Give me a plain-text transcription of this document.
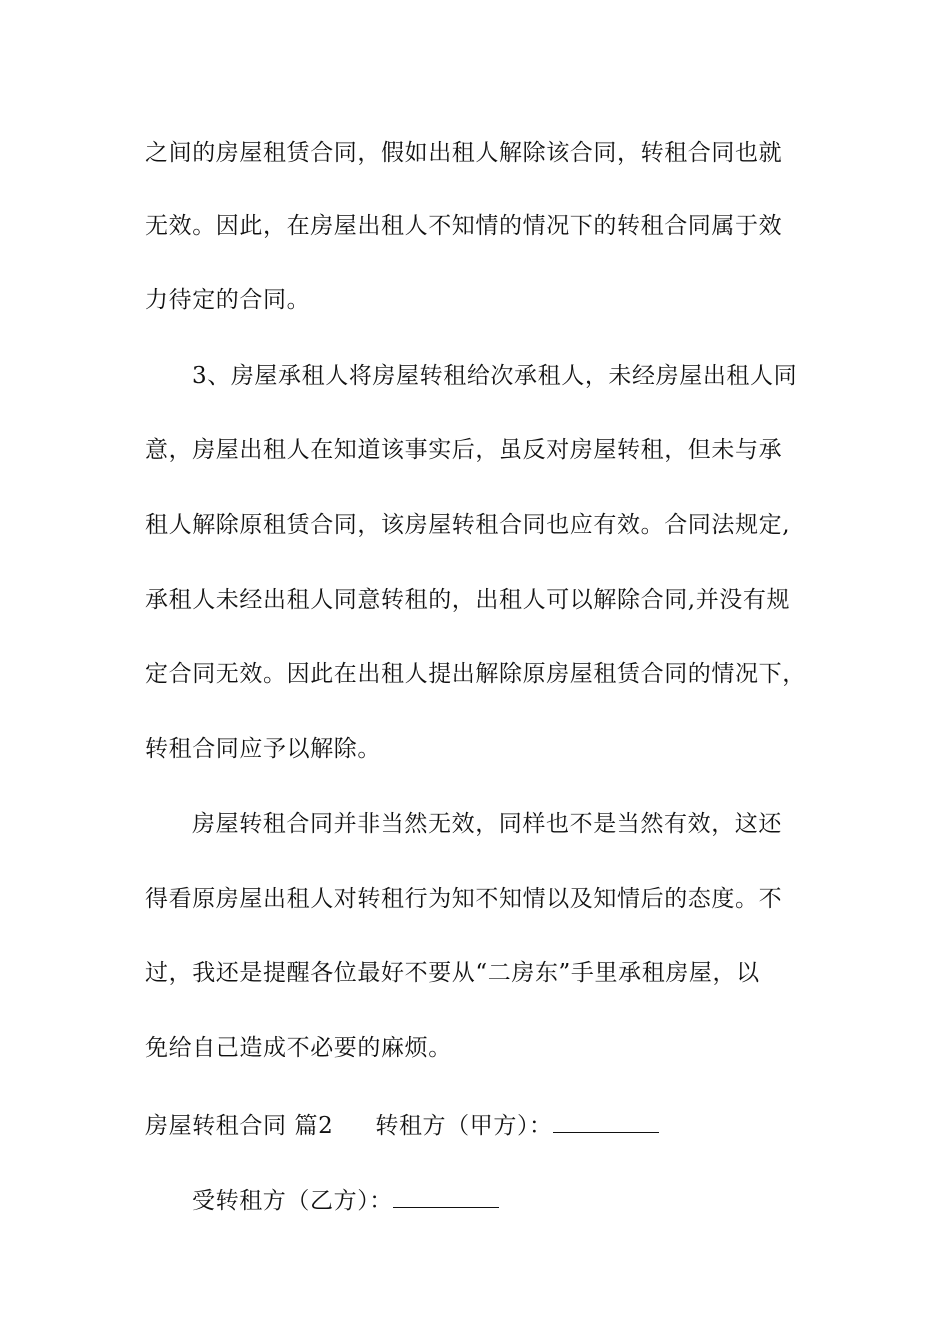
之间的房屋租赁合同，假如出租人解除该合同，转租合同也就
无效。因此，在房屋出租人不知情的情况下的转租合同属于效
力待定的合同。
3、房屋承租人将房屋转租给次承租人，未经房屋出租人同
意，房屋出租人在知道该事实后，虽反对房屋转租，但未与承
租人解除原租赁合同，该房屋转租合同也应有效。合同法规定,
承租人未经出租人同意转租的，出租人可以解除合同,并没有规
定合同无效。因此在出租人提出解除原房屋租赁合同的情况下，
转租合同应予以解除。
房屋转租合同并非当然无效，同样也不是当然有效，这还
得看原房屋出租人对转租行为知不知情以及知情后的态度。不
过，我还是提醒各位最好不要从“二房东”手里承租房屋，以
免给自己造成不必要的麻烦。
房屋转租合同 篇2 转租方（甲方）：
受转租方（乙方）：
